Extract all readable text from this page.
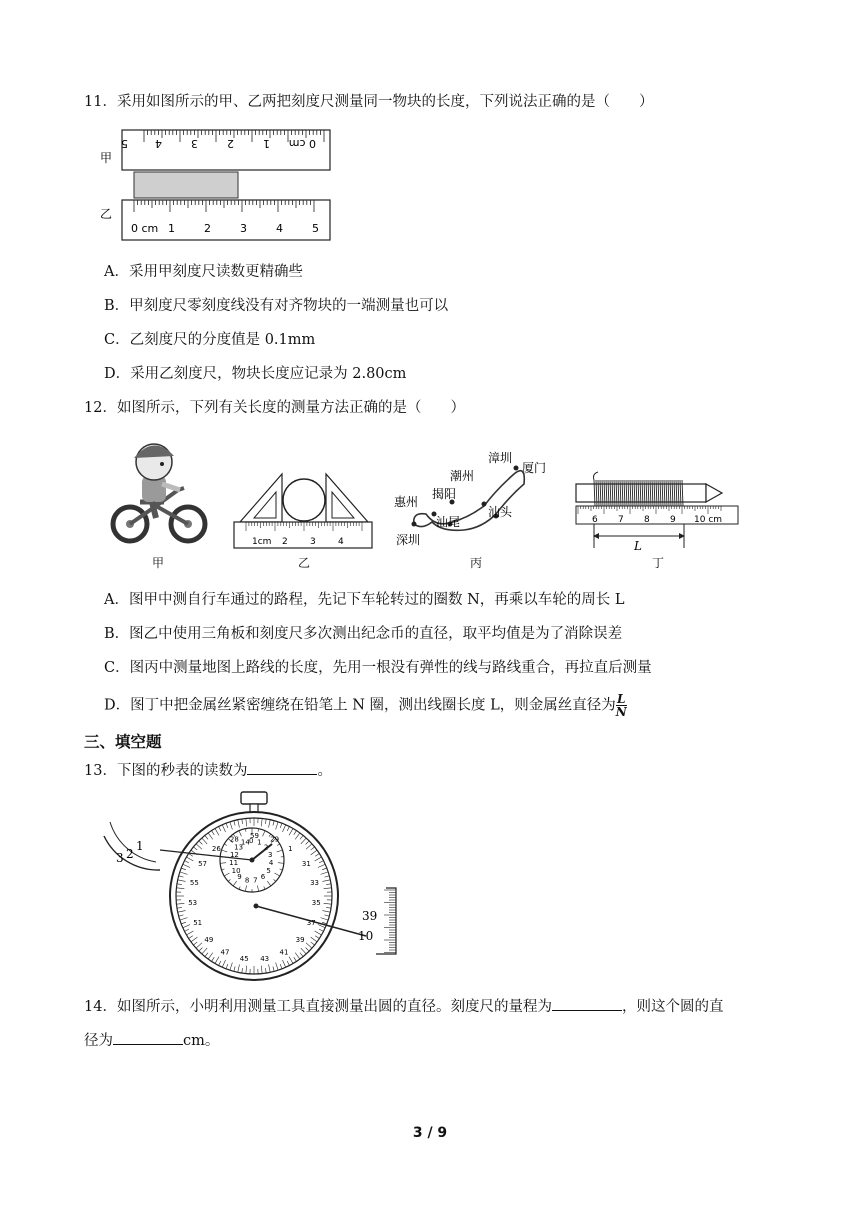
11．采用如图所示的甲、乙两把刻度尺测量同一物块的长度，下列说法正确的是（　　）
甲
乙
0 cm
1
2
3
4
5
0 cm 1	2	3	4	5
A．采用甲刻度尺读数更精确些
B．甲刻度尺零刻度线没有对齐物块的一端测量也可以
C．乙刻度尺的分度值是 0.1mm
D．采用乙刻度尺，物块长度应记录为 2.80cm
12．如图所示，下列有关长度的测量方法正确的是（　　）
甲
1cm 2 3 4
乙
漳圳
厦门
潮州
揭阳
惠州
汕头
汕尾
深圳
丙
6 7 8 9 10 cm
L
丁
A．图甲中测自行车通过的路程，先记下车轮转过的圈数 N，再乘以车轮的周长 L
B．图乙中使用三角板和刻度尺多次测出纪念币的直径，取平均值是为了消除误差
C．图丙中测量地图上路线的长度，先用一根没有弹性的线与路线重合，再拉直后测量
D．图丁中把金属丝紧密缠绕在铅笔上 N 圈，测出线圈长度 L，则金属丝直径为 $\frac{L}{N}$
三、填空题
13．下图的秒表的读数为	。
1
2
3
39
10
59 29
1
31
33
35
37
39
41
43
45
47
49
51
53
55
57
26
28 0 1
2
3
4
5
6
7
8
9
10
11
12
13
14
14．如图所示，小明利用测量工具直接测量出圆的直径。刻度尺的量程为	，则这个圆的直
径为	cm。
3 / 9
